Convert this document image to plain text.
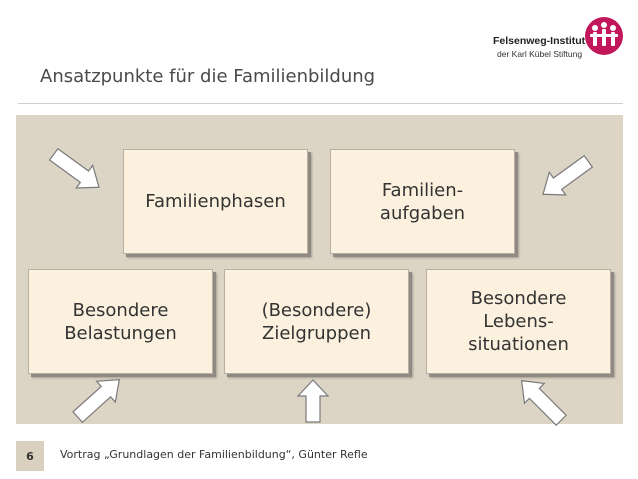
Felsenweg-Institut
der Karl Kübel Stiftung
Ansatzpunkte für die Familienbildung
Familienphasen
Familien-
aufgaben
Besondere
Belastungen
(Besondere)
Zielgruppen
Besondere
Lebens-
situationen
6	Vortrag „Grundlagen der Familienbildung“, Günter Refle
